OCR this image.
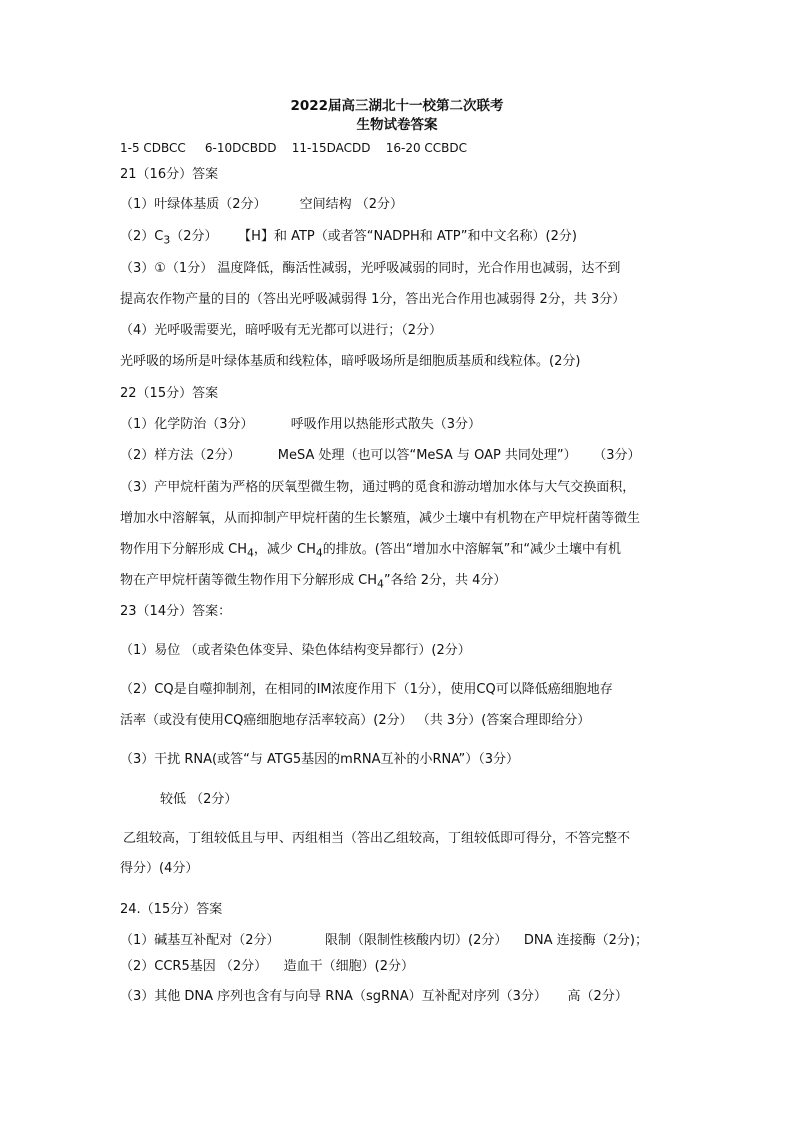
2022届高三湖北十一校第二次联考
生物试卷答案
1-5 CDBCC     6-10DCBDD    11-15DACDD    16-20 CCBDC
21（16分）答案
（1）叶绿体基质（2分）        空间结构 （2分）
$(2)C_3(2$分）     【H】和 ATP（或者答“NADPH和 ATP”和中文名称）(2分)
（3）①（1分） 温度降低，酶活性减弱，光呼吸减弱的同时，光合作用也减弱，达不到
提高农作物产量的目的（答出光呼吸减弱得 1分，答出光合作用也减弱得 2分，共 3分）
（4）光呼吸需要光，暗呼吸有无光都可以进行；（2分）
光呼吸的场所是叶绿体基质和线粒体，暗呼吸场所是细胞质基质和线粒体。(2分)
22（15分）答案
（1）化学防治（3分）         呼吸作用以热能形式散失（3分）
（2）样方法（2分）         MeSA 处理（也可以答“MeSA 与 OAP 共同处理”）    （3分）
（3）产甲烷杆菌为严格的厌氧型微生物，通过鸭的觅食和游动增加水体与大气交换面积，
增加水中溶解氧，从而抑制产甲烷杆菌的生长繁殖，减少土壤中有机物在产甲烷杆菌等微生
物作用下分解形成 $CH_4$，减少 $CH_4$的排放。(答出“增加水中溶解氧”和“减少土壤中有机
物在产甲烷杆菌等微生物作用下分解形成 $CH_4$”各给 2分，共 4分）
23（14分）答案：
（1）易位 （或者染色体变异、染色体结构变异都行）(2分）
（2）CQ是自噬抑制剂，在相同的IM浓度作用下（1分），使用CQ可以降低癌细胞地存
活率（或没有使用CQ癌细胞地存活率较高）(2分） （共 3分）(答案合理即给分）
（3）干扰 RNA(或答“与 ATG5基因的mRNA互补的小RNA”）（3分）
较低 （2分）
乙组较高，丁组较低且与甲、丙组相当（答出乙组较高，丁组较低即可得分，不答完整不
得分）(4分）
24.（15分）答案
（1）碱基互补配对（2分）           限制（限制性核酸内切）(2分）    DNA 连接酶（2分)；
（2）CCR5基因 （2分）    造血干（细胞）(2分）
（3）其他 DNA 序列也含有与向导 RNA（sgRNA）互补配对序列（3分）     高（2分）
